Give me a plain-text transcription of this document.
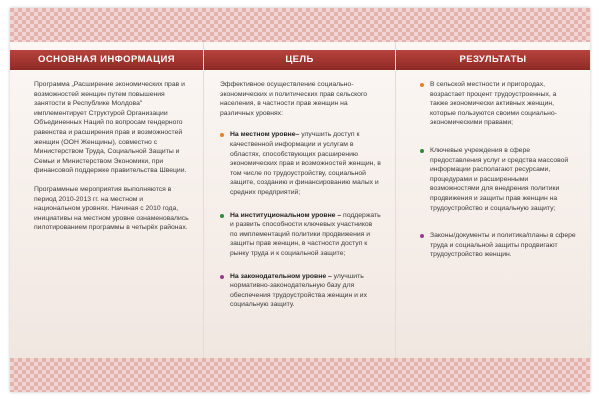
ОСНОВНАЯ ИНФОРМАЦИЯ

Программа „Расширение экономических прав и возможностей женщин путем повышения занятости в Республике Молдова" имплементирует Структурой Организации Объединенных Наций по вопросам гендерного равенства и расширения прав и возможностей женщин (ООН Женщины), совместно с Министерством Труда, Социальной Защиты и Семьи и Министерством Экономики, при финансовой поддержке правительства Швеции.

Программные мероприятия выполняются в период 2010-2013 гг. на местном и национальном уровнях. Начиная с 2010 года, инициативы на местном уровне ознаменовались пилотированием программы в четырёх районах.

ЦЕЛЬ

Эффективное осуществление социально-экономических и политических прав сельского населения, в частности прав женщин на различных уровнях:

На местном уровне– улучшить доступ к качественной информации и услугам в областях, способствующих расширению экономических прав и возможностей женщин, в том числе по трудоустройству, социальной защите, созданию и финансированию малых и средних предприятий;
На институциональном уровне – поддержать и развить способности ключевых участников по имплементаций политики продвижения и защиты прав женщин, в частности доступ к рынку труда и к социальной защите;
На законодательном уровне – улучшить нормативно-законодательную базу для обеспечения трудоустройства женщин и их социальную защиту.
РЕЗУЛЬТАТЫ
В сельской местности и пригородах, возрастает процент трудоустроенных, а также экономически активных женщин, которые пользуются своими социально-экономическими правами;
Ключевые учреждения в сфере предоставления услуг и средства массовой информации располагают ресурсами, процедурами и расширенными возможностями для внедрения политики продвижения и защиты прав женщин на трудоустройство и социальную защиту;
Законы/документы и политика/планы в сфере труда и социальной защиты продвигают трудоустройство женщин.
